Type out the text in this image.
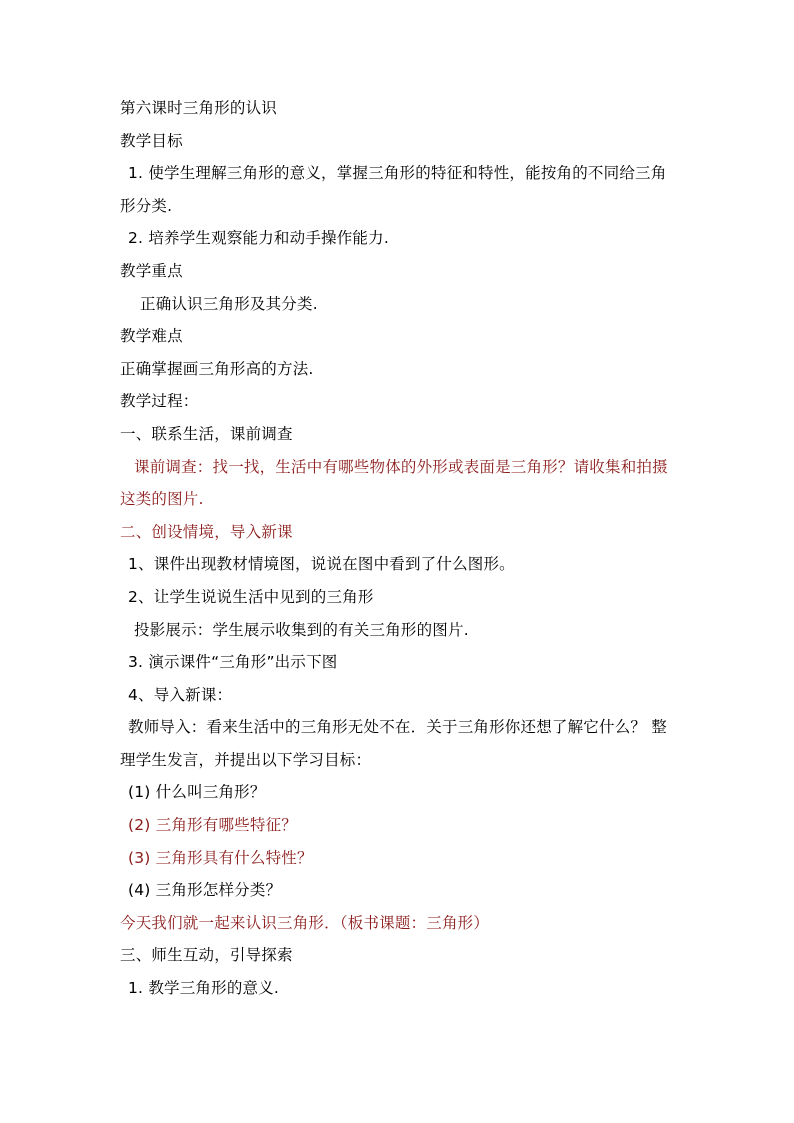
第六课时三角形的认识
教学目标
1. 使学生理解三角形的意义，掌握三角形的特征和特性，能按角的不同给三角
形分类.
2. 培养学生观察能力和动手操作能力.
教学重点
正确认识三角形及其分类.
教学难点
正确掌握画三角形高的方法.
教学过程：
一、联系生活，课前调查
课前调查：找一找，生活中有哪些物体的外形或表面是三角形？请收集和拍摄
这类的图片.
二、创设情境，导入新课
1、课件出现教材情境图，说说在图中看到了什么图形。
2、让学生说说生活中见到的三角形
投影展示：学生展示收集到的有关三角形的图片.
3. 演示课件“三角形”出示下图
4、导入新课：
教师导入：看来生活中的三角形无处不在．关于三角形你还想了解它什么？ 整
理学生发言，并提出以下学习目标：
(1) 什么叫三角形？
(2) 三角形有哪些特征？
(3) 三角形具有什么特性？
(4) 三角形怎样分类？
今天我们就一起来认识三角形．（板书课题：三角形）
三、师生互动，引导探索
1. 教学三角形的意义.
